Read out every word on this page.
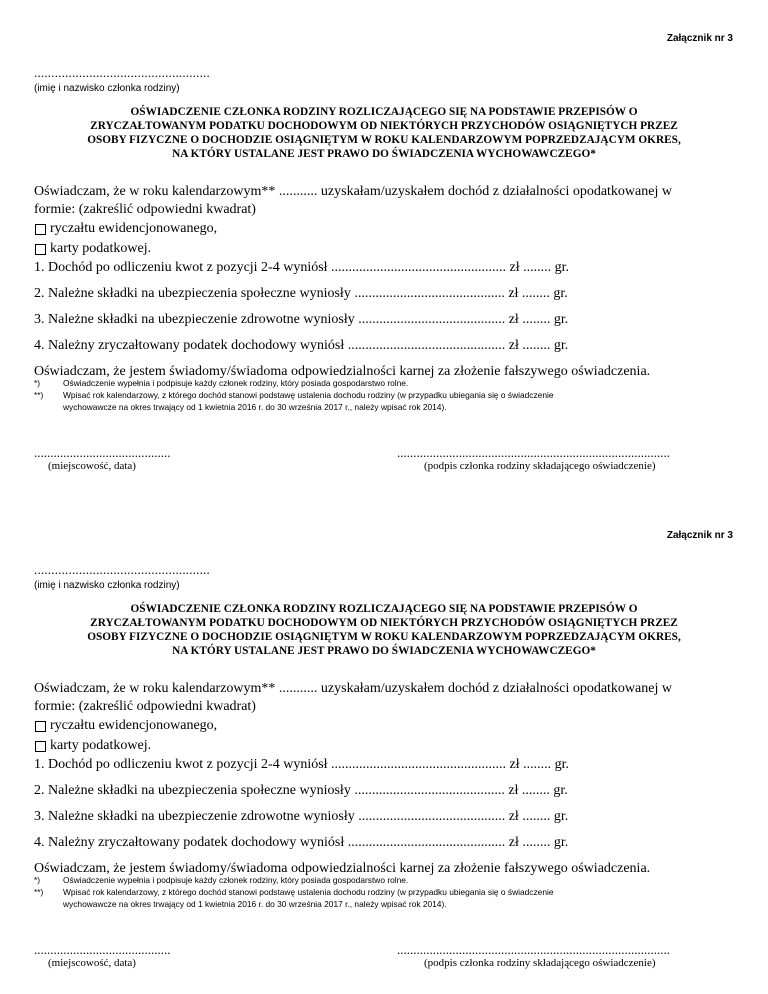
Załącznik nr 3
...................................................
(imię i nazwisko członka rodziny)
OŚWIADCZENIE CZŁONKA RODZINY ROZLICZAJĄCEGO SIĘ NA PODSTAWIE PRZEPISÓW O
ZRYCZAŁTOWANYM PODATKU DOCHODOWYM OD NIEKTÓRYCH PRZYCHODÓW OSIĄGNIĘTYCH PRZEZ
OSOBY FIZYCZNE O DOCHODZIE OSIĄGNIĘTYM W ROKU KALENDARZOWYM POPRZEDZAJĄCYM OKRES,
NA KTÓRY USTALANE JEST PRAWO DO ŚWIADCZENIA WYCHOWAWCZEGO*
Oświadczam, że w roku kalendarzowym** ........... uzyskałam/uzyskałem dochód z działalności opodatkowanej w
formie: (zakreślić odpowiedni kwadrat)
ryczałtu ewidencjonowanego,
karty podatkowej.
1. Dochód po odliczeniu kwot z pozycji 2-4 wyniósł .................................................. zł ........ gr.
2. Należne składki na ubezpieczenia społeczne wyniosły ........................................... zł ........ gr.
3. Należne składki na ubezpieczenie zdrowotne wyniosły .......................................... zł ........ gr.
4. Należny zryczałtowany podatek dochodowy wyniósł ............................................. zł ........ gr.
Oświadczam, że jestem świadomy/świadoma odpowiedzialności karnej za złożenie fałszywego oświadczenia.
*)	Oświadczenie wypełnia i podpisuje każdy członek rodziny, który posiada gospodarstwo rolne.
**)	Wpisać rok kalendarzowy, z którego dochód stanowi podstawę ustalenia dochodu rodziny (w przypadku ubiegania się o świadczenie
wychowawcze na okres trwający od 1 kwietnia 2016 r. do 30 września 2017 r., należy wpisać rok 2014).
..........................................
(miejscowość, data)
....................................................................................
(podpis członka rodziny składającego oświadczenie)
Załącznik nr 3
...................................................
(imię i nazwisko członka rodziny)
OŚWIADCZENIE CZŁONKA RODZINY ROZLICZAJĄCEGO SIĘ NA PODSTAWIE PRZEPISÓW O
ZRYCZAŁTOWANYM PODATKU DOCHODOWYM OD NIEKTÓRYCH PRZYCHODÓW OSIĄGNIĘTYCH PRZEZ
OSOBY FIZYCZNE O DOCHODZIE OSIĄGNIĘTYM W ROKU KALENDARZOWYM POPRZEDZAJĄCYM OKRES,
NA KTÓRY USTALANE JEST PRAWO DO ŚWIADCZENIA WYCHOWAWCZEGO*
Oświadczam, że w roku kalendarzowym** ........... uzyskałam/uzyskałem dochód z działalności opodatkowanej w
formie: (zakreślić odpowiedni kwadrat)
ryczałtu ewidencjonowanego,
karty podatkowej.
1. Dochód po odliczeniu kwot z pozycji 2-4 wyniósł .................................................. zł ........ gr.
2. Należne składki na ubezpieczenia społeczne wyniosły ........................................... zł ........ gr.
3. Należne składki na ubezpieczenie zdrowotne wyniosły .......................................... zł ........ gr.
4. Należny zryczałtowany podatek dochodowy wyniósł ............................................. zł ........ gr.
Oświadczam, że jestem świadomy/świadoma odpowiedzialności karnej za złożenie fałszywego oświadczenia.
*)	Oświadczenie wypełnia i podpisuje każdy członek rodziny, który posiada gospodarstwo rolne.
**)	Wpisać rok kalendarzowy, z którego dochód stanowi podstawę ustalenia dochodu rodziny (w przypadku ubiegania się o świadczenie
wychowawcze na okres trwający od 1 kwietnia 2016 r. do 30 września 2017 r., należy wpisać rok 2014).
..........................................
(miejscowość, data)
....................................................................................
(podpis członka rodziny składającego oświadczenie)
